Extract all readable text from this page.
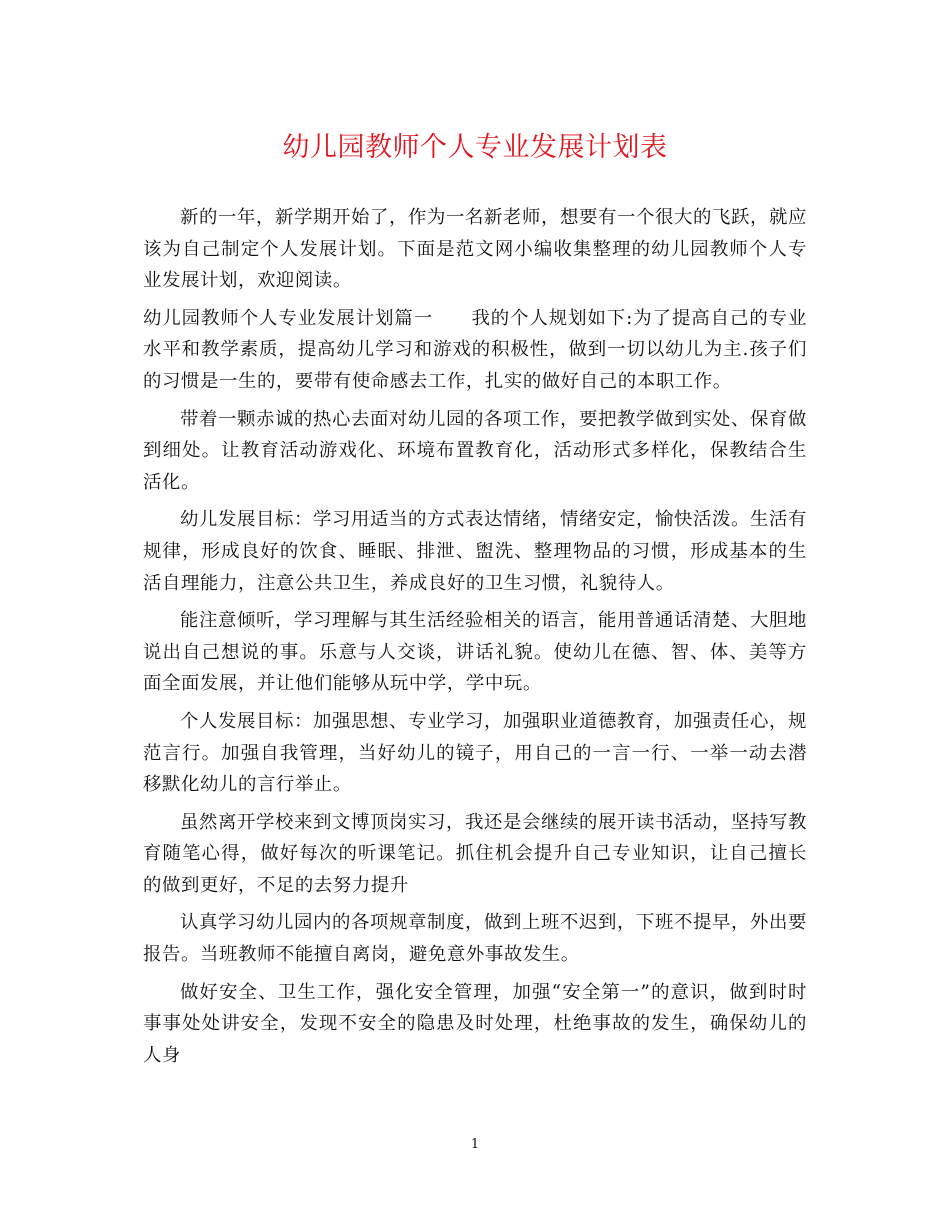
幼儿园教师个人专业发展计划表

新的一年，新学期开始了，作为一名新老师，想要有一个很大的飞跃，就应该为自己制定个人发展计划。下面是范文网小编收集整理的幼儿园教师个人专业发展计划，欢迎阅读。

幼儿园教师个人专业发展计划篇一 我的个人规划如下:为了提高自己的专业水平和教学素质，提高幼儿学习和游戏的积极性，做到一切以幼儿为主.孩子们的习惯是一生的，要带有使命感去工作，扎实的做好自己的本职工作。

带着一颗赤诚的热心去面对幼儿园的各项工作，要把教学做到实处、保育做到细处。让教育活动游戏化、环境布置教育化，活动形式多样化，保教结合生活化。

幼儿发展目标：学习用适当的方式表达情绪，情绪安定，愉快活泼。生活有规律，形成良好的饮食、睡眠、排泄、盥洗、整理物品的习惯，形成基本的生活自理能力，注意公共卫生，养成良好的卫生习惯，礼貌待人。

能注意倾听，学习理解与其生活经验相关的语言，能用普通话清楚、大胆地说出自己想说的事。乐意与人交谈，讲话礼貌。使幼儿在德、智、体、美等方面全面发展，并让他们能够从玩中学，学中玩。

个人发展目标：加强思想、专业学习，加强职业道德教育，加强责任心，规范言行。加强自我管理，当好幼儿的镜子，用自己的一言一行、一举一动去潜移默化幼儿的言行举止。

虽然离开学校来到文博顶岗实习，我还是会继续的展开读书活动，坚持写教育随笔心得，做好每次的听课笔记。抓住机会提升自己专业知识，让自己擅长的做到更好，不足的去努力提升

认真学习幼儿园内的各项规章制度，做到上班不迟到，下班不提早，外出要报告。当班教师不能擅自离岗，避免意外事故发生。

做好安全、卫生工作，强化安全管理，加强“安全第一”的意识，做到时时事事处处讲安全，发现不安全的隐患及时处理，杜绝事故的发生，确保幼儿的人身

1
